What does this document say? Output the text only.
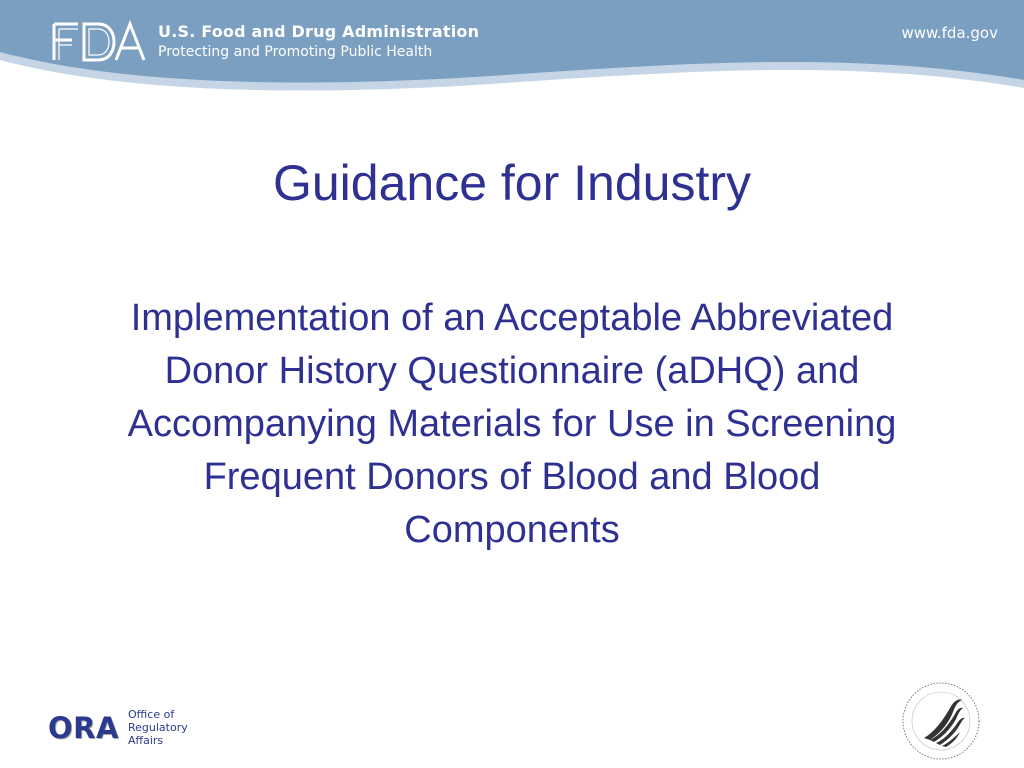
U.S. Food and Drug Administration
Protecting and Promoting Public Health
www.fda.gov
Guidance for Industry

Implementation of an Acceptable Abbreviated Donor History Questionnaire (aDHQ) and Accompanying Materials for Use in Screening Frequent Donors of Blood and Blood Components

ORA Office of
Regulatory
Affairs
